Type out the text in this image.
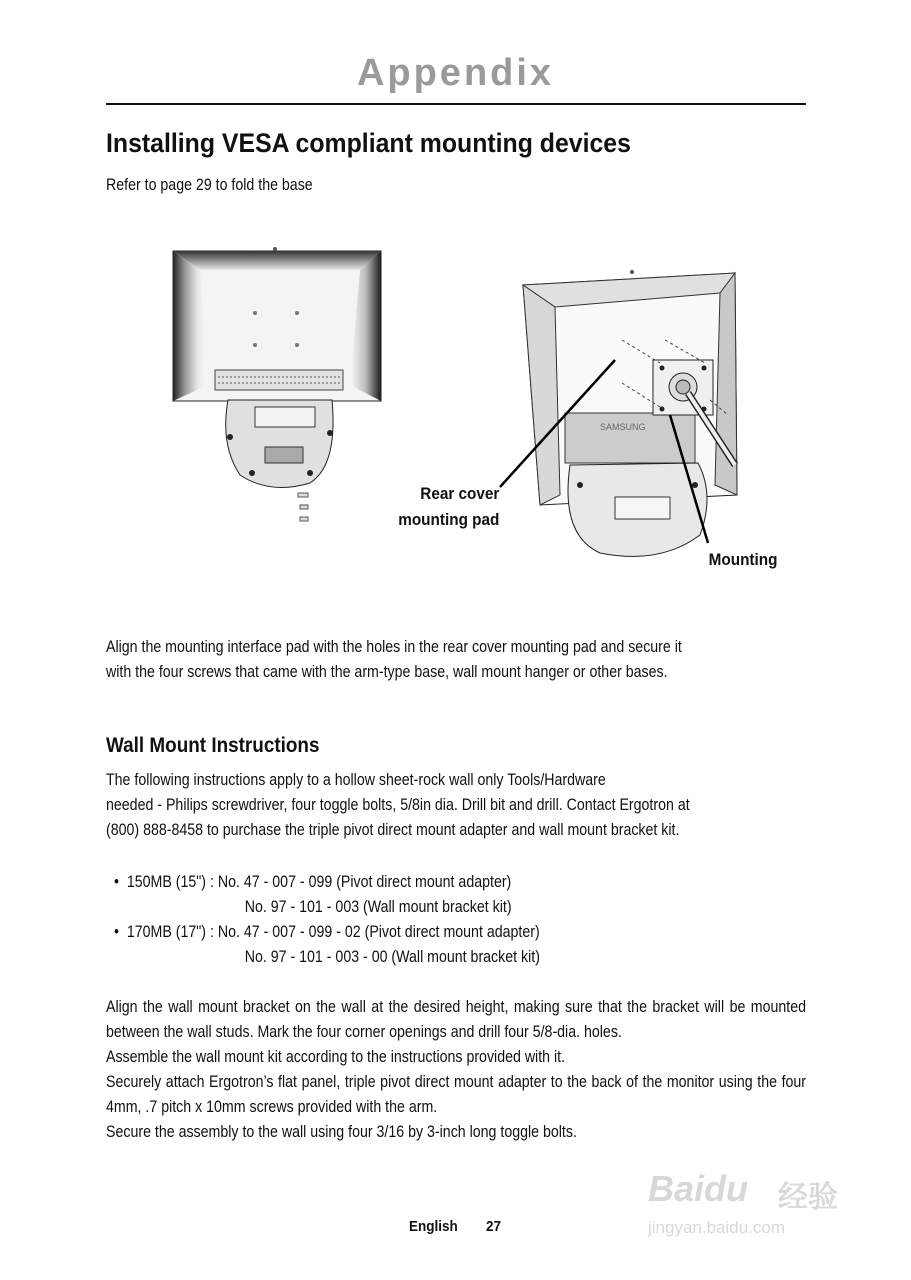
Appendix
Installing VESA compliant mounting devices
Refer to page 29 to fold the base
SAMSUNG
Rear cover
mounting pad
Mounting
Align the mounting interface pad with the holes in the rear cover mounting pad and secure it
with the four screws that came with the arm-type base, wall mount hanger or other bases.
Wall Mount Instructions
The following instructions apply to a hollow sheet-rock wall only Tools/Hardware
needed - Philips screwdriver, four toggle bolts, 5/8in dia. Drill bit and drill. Contact Ergotron at
(800) 888-8458 to purchase the triple pivot direct mount adapter and wall mount bracket kit.
• 150MB (15") : No. 47 - 007 - 099 (Pivot direct mount adapter)
No. 97 - 101 - 003 (Wall mount bracket kit)
• 170MB (17") : No. 47 - 007 - 099 - 02 (Pivot direct mount adapter)
No. 97 - 101 - 003 - 00 (Wall mount bracket kit)
Align the wall mount bracket on the wall at the desired height, making sure that the bracket will be mounted between the wall studs. Mark the four corner openings and drill four 5/8-dia. holes.
Assemble the wall mount kit according to the instructions provided with it.
Securely attach Ergotron’s flat panel, triple pivot direct mount adapter to the back of the monitor using the four 4mm, .7 pitch x 10mm screws provided with the arm.
Secure the assembly to the wall using four 3/16 by 3-inch long toggle bolts.
English 27
Baidu 经验
jingyan.baidu.com
